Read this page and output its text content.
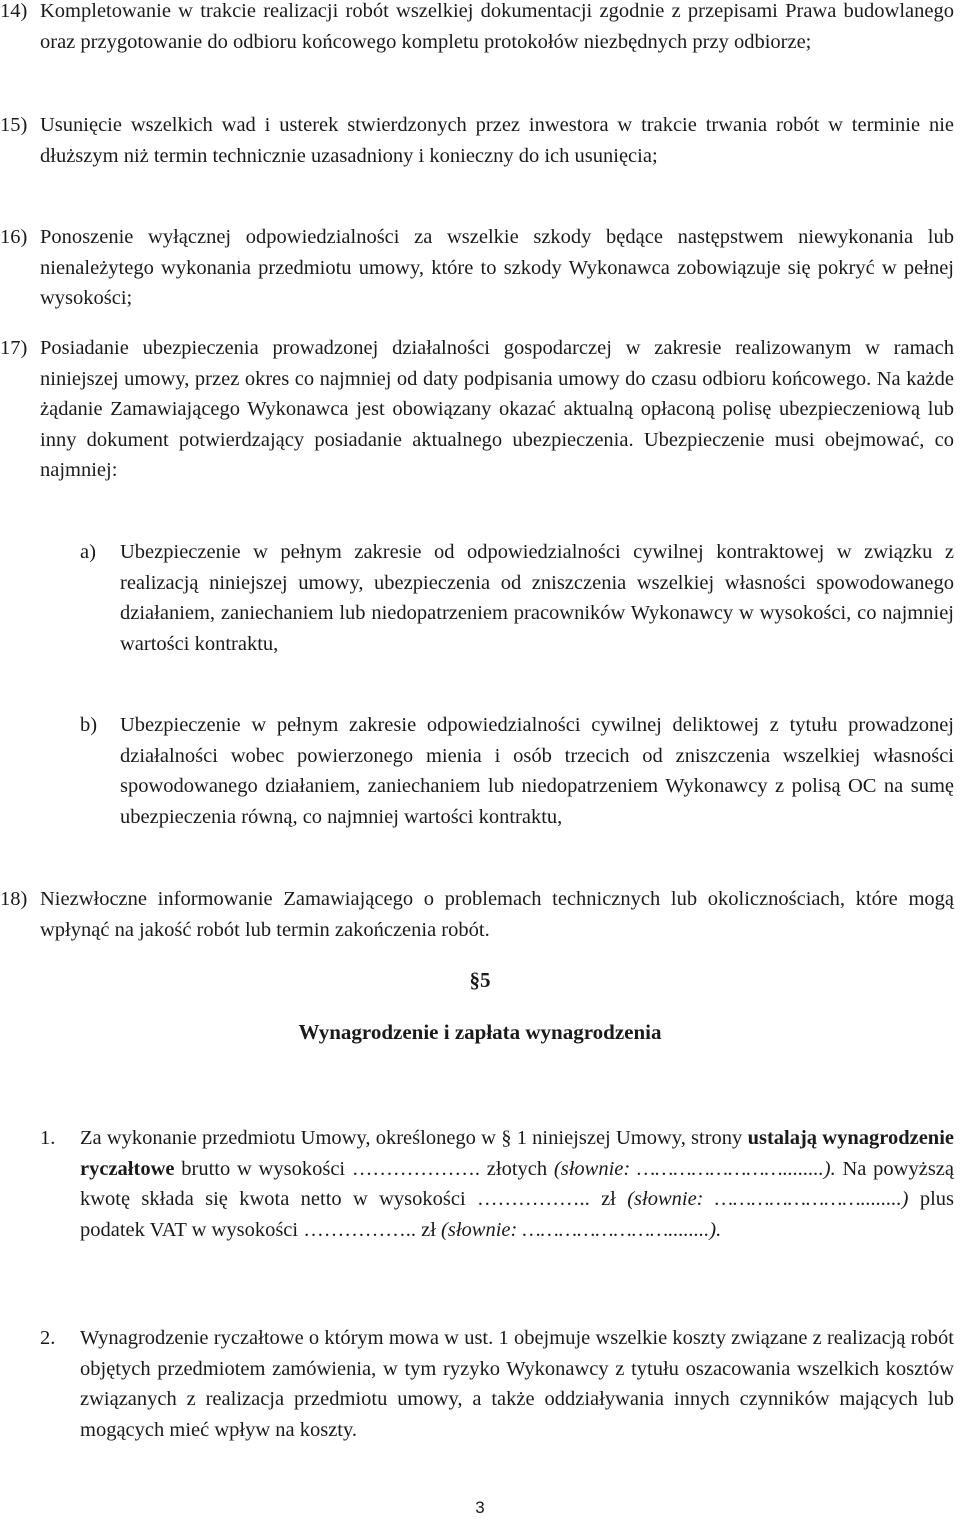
14) Kompletowanie w trakcie realizacji robót wszelkiej dokumentacji zgodnie z przepisami Prawa budowlanego oraz przygotowanie do odbioru końcowego kompletu protokołów niezbędnych przy odbiorze;
15) Usunięcie wszelkich wad i usterek stwierdzonych przez inwestora w trakcie trwania robót w terminie nie dłuższym niż termin technicznie uzasadniony i konieczny do ich usunięcia;
16) Ponoszenie wyłącznej odpowiedzialności za wszelkie szkody będące następstwem niewykonania lub nienależytego wykonania przedmiotu umowy, które to szkody Wykonawca zobowiązuje się pokryć w pełnej wysokości;
17) Posiadanie ubezpieczenia prowadzonej działalności gospodarczej w zakresie realizowanym w ramach niniejszej umowy, przez okres co najmniej od daty podpisania umowy do czasu odbioru końcowego. Na każde żądanie Zamawiającego Wykonawca jest obowiązany okazać aktualną opłaconą polisę ubezpieczeniową lub inny dokument potwierdzający posiadanie aktualnego ubezpieczenia. Ubezpieczenie musi obejmować, co najmniej:
a) Ubezpieczenie w pełnym zakresie od odpowiedzialności cywilnej kontraktowej w związku z realizacją niniejszej umowy, ubezpieczenia od zniszczenia wszelkiej własności spowodowanego działaniem, zaniechaniem lub niedopatrzeniem pracowników Wykonawcy w wysokości, co najmniej wartości kontraktu,
b) Ubezpieczenie w pełnym zakresie odpowiedzialności cywilnej deliktowej z tytułu prowadzonej działalności wobec powierzonego mienia i osób trzecich od zniszczenia wszelkiej własności spowodowanego działaniem, zaniechaniem lub niedopatrzeniem Wykonawcy z polisą OC na sumę ubezpieczenia równą, co najmniej wartości kontraktu,
18) Niezwłoczne informowanie Zamawiającego o problemach technicznych lub okolicznościach, które mogą wpłynąć na jakość robót lub termin zakończenia robót.
§5
Wynagrodzenie i zapłata wynagrodzenia
1. Za wykonanie przedmiotu Umowy, określonego w § 1 niniejszej Umowy, strony ustalają wynagrodzenie ryczałtowe brutto w wysokości ………………. złotych (słownie: ……………………........). Na powyższą kwotę składa się kwota netto w wysokości …………….. zł (słownie: ……………………........) plus podatek VAT w wysokości …………….. zł (słownie: ……………………........).
2. Wynagrodzenie ryczałtowe o którym mowa w ust. 1 obejmuje wszelkie koszty związane z realizacją robót objętych przedmiotem zamówienia, w tym ryzyko Wykonawcy z tytułu oszacowania wszelkich kosztów związanych z realizacja przedmiotu umowy, a także oddziaływania innych czynników mających lub mogących mieć wpływ na koszty.
3
